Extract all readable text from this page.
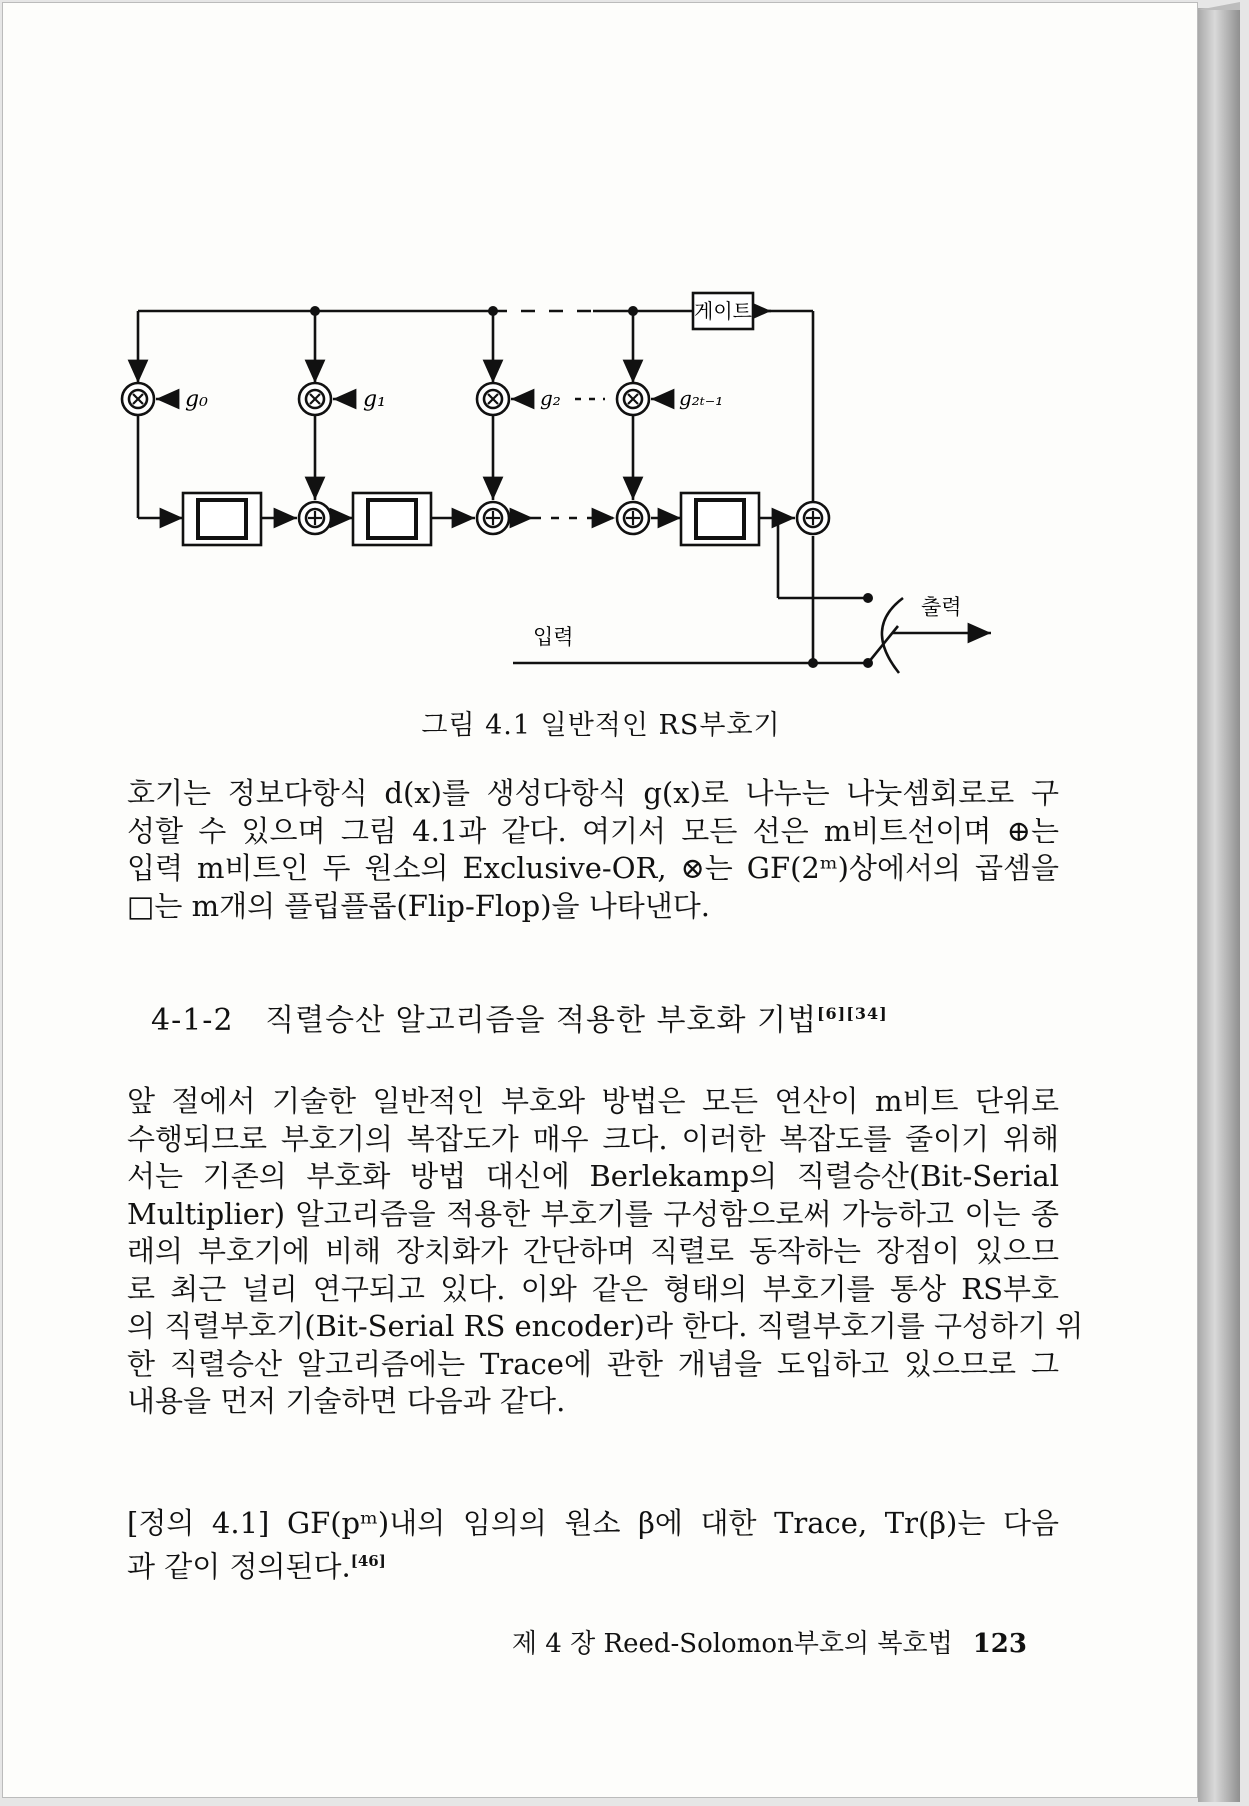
게이트
g₀	g₁	g₂	g₂ₜ₋₁
입력
출력
그림 4.1 일반적인 RS부호기

호기는 정보다항식 d(x)를 생성다항식 g(x)로 나누는 나눗셈회로로 구
성할 수 있으며 그림 4.1과 같다. 여기서 모든 선은 m비트선이며 ⊕는
입력 m비트인 두 원소의 Exclusive-OR, ⊗는 GF(2ᵐ)상에서의 곱셈을
□는 m개의 플립플롭(Flip-Flop)을 나타낸다.

4-1-2 직렬승산 알고리즘을 적용한 부호화 기법[6][34]

앞 절에서 기술한 일반적인 부호와 방법은 모든 연산이 m비트 단위로
수행되므로 부호기의 복잡도가 매우 크다. 이러한 복잡도를 줄이기 위해
서는 기존의 부호화 방법 대신에 Berlekamp의 직렬승산(Bit-Serial
Multiplier) 알고리즘을 적용한 부호기를 구성함으로써 가능하고 이는 종
래의 부호기에 비해 장치화가 간단하며 직렬로 동작하는 장점이 있으므
로 최근 널리 연구되고 있다. 이와 같은 형태의 부호기를 통상 RS부호
의 직렬부호기(Bit-Serial RS encoder)라 한다. 직렬부호기를 구성하기 위
한 직렬승산 알고리즘에는 Trace에 관한 개념을 도입하고 있으므로 그
내용을 먼저 기술하면 다음과 같다.

[정의 4.1] GF(pᵐ)내의 임의의 원소 β에 대한 Trace, Tr(β)는 다음
과 같이 정의된다.[46]

제 4 장 Reed-Solomon부호의 복호법 123
